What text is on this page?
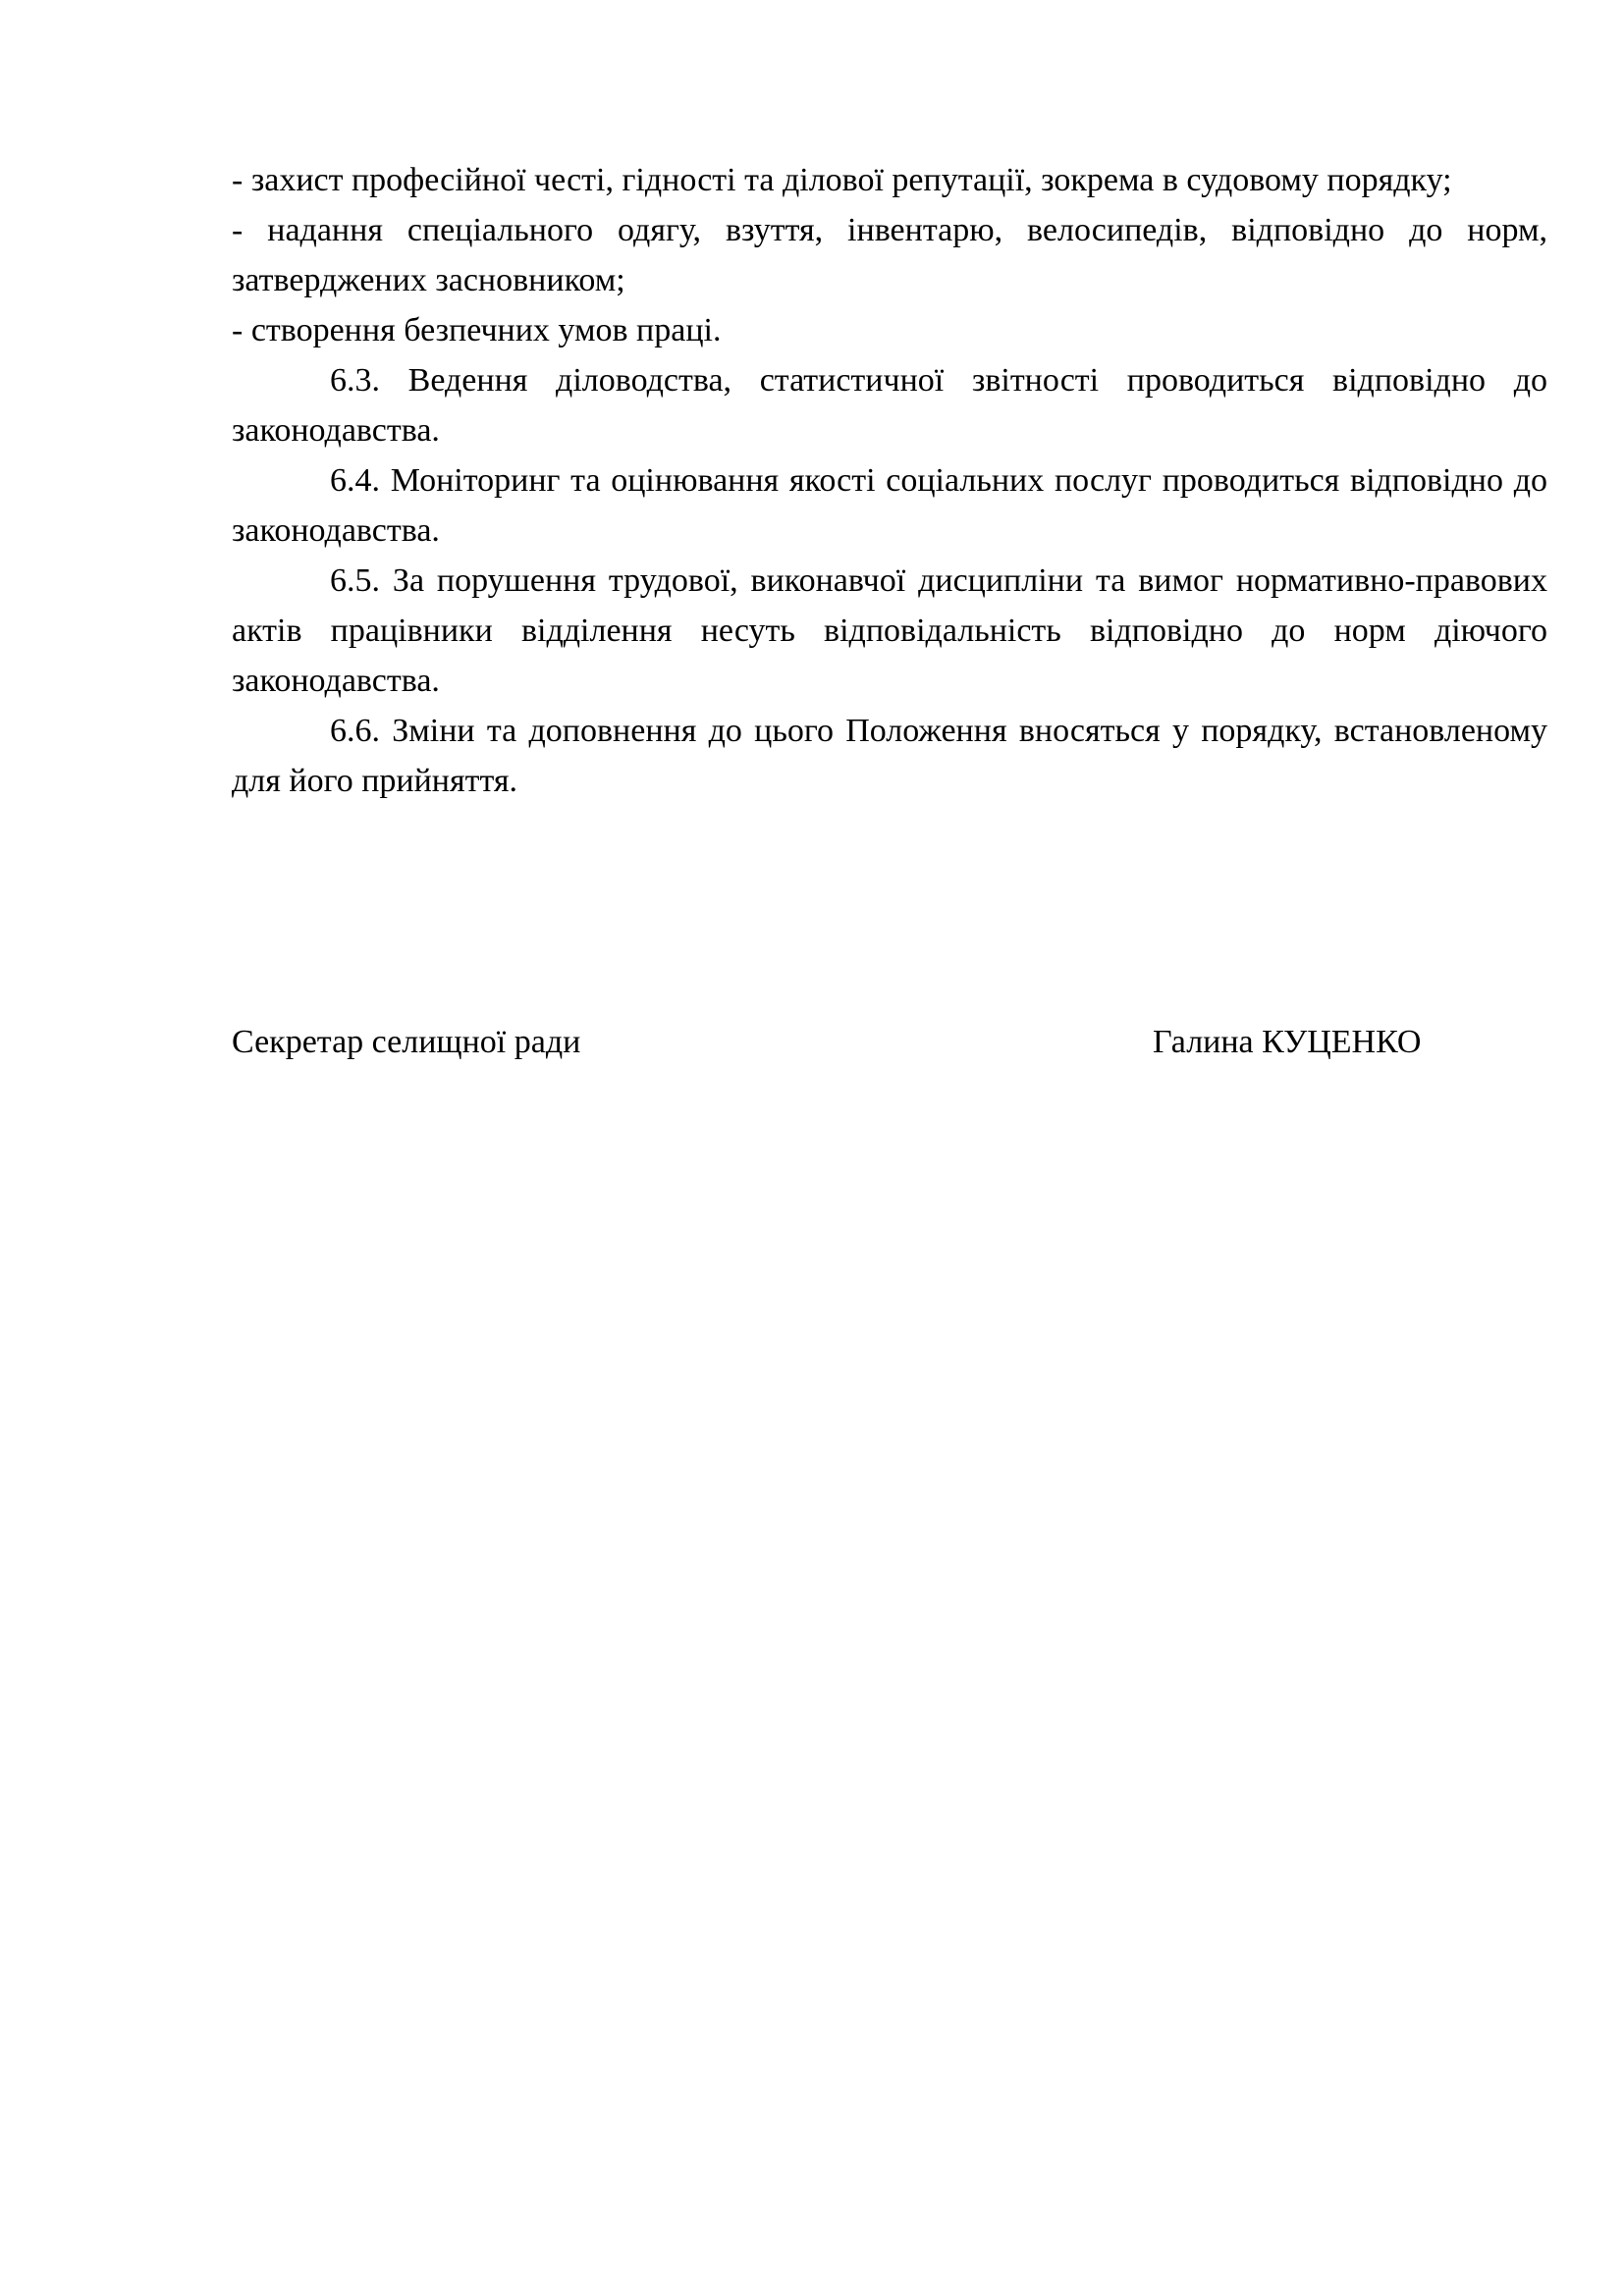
- захист професійної честі, гідності та ділової репутації, зокрема в судовому порядку;

- надання спеціального одягу, взуття, інвентарю, велосипедів, відповідно до норм, затверджених засновником;

- створення безпечних умов праці.

6.3. Ведення діловодства, статистичної звітності проводиться відповідно до законодавства.

6.4. Моніторинг та оцінювання якості соціальних послуг проводиться відповідно до законодавства.

6.5. За порушення трудової, виконавчої дисципліни та вимог нормативно-правових актів працівники відділення несуть відповідальність відповідно до норм діючого законодавства.

6.6. Зміни та доповнення до цього Положення вносяться у порядку, встановленому для його прийняття.

Секретар селищної ради	Галина КУЦЕНКО
